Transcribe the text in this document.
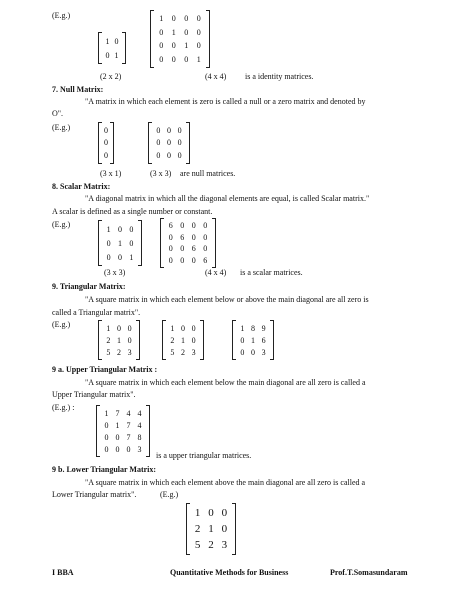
(E.g.)
1 0
0 1
1 0 0 0
0 1 0 0
0 0 1 0
0 0 0 1
(2 x 2)	(4 x 4) is a identity matrices.
7. Null Matrix:
"A matrix in which each element is zero is called a null or a zero matrix and denoted by
O".
(E.g.)	0
0
0
0 0 0
0 0 0
0 0 0
(3 x 1)	(3 x 3) are null matrices.
8. Scalar Matrix:
"A diagonal matrix in which all the diagonal elements are equal, is called Scalar matrix."
A scalar is defined as a single number or constant.
(E.g.)	1 0 0
0 1 0
0 0 1
6 0 0 0
0 6 0 0
0 0 6 0
0 0 0 6
(3 x 3)	(4 x 4) is a scalar matrices.
9. Triangular Matrix:
"A square matrix in which each element below or above the main diagonal are all zero is
called a Triangular matrix".
(E.g.)	1 0 0
2 1 0
5 2 3
1 0 0
2 1 0
5 2 3
1 8 9
0 1 6
0 0 3
9 a. Upper Triangular Matrix :
"A square matrix in which each element below the main diagonal are all zero is called a
Upper Triangular matrix".
(E.g.) :
1 7 4 4
0 1 7 4
0 0 7 8
0 0 0 3
is a upper triangular matrices.
9 b. Lower Triangular Matrix:
"A square matrix in which each element above the main diagonal are all zero is called a
Lower Triangular matrix".	(E.g.)
1 0 0
2 1 0
5 2 3
I BBA	Quantitative Methods for Business	Prof.T.Somasundaram
